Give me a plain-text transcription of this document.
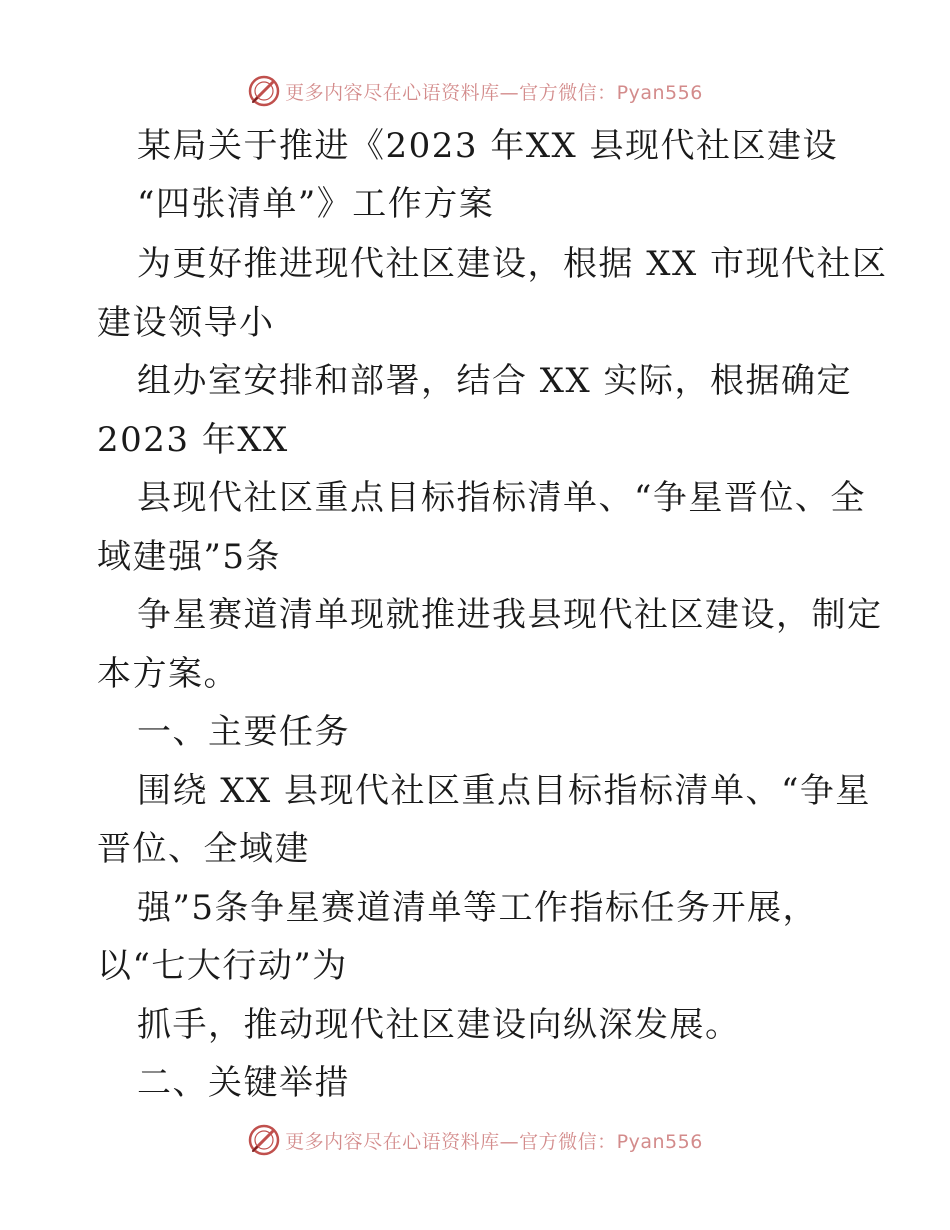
更多内容尽在心语资料库—官方微信：Pyan556
某局关于推进《2023 年XX 县现代社区建设
“四张清单”》工作方案
为更好推进现代社区建设，根据 XX 市现代社区
建设领导小
组办室安排和部署，结合 XX 实际，根据确定
2023 年XX
县现代社区重点目标指标清单、“争星晋位、全
域建强”5条
争星赛道清单现就推进我县现代社区建设，制定
本方案。
一、主要任务
围绕 XX 县现代社区重点目标指标清单、“争星
晋位、全域建
强”5条争星赛道清单等工作指标任务开展，
以“七大行动”为
抓手，推动现代社区建设向纵深发展。
二、关键举措
更多内容尽在心语资料库—官方微信：Pyan556
